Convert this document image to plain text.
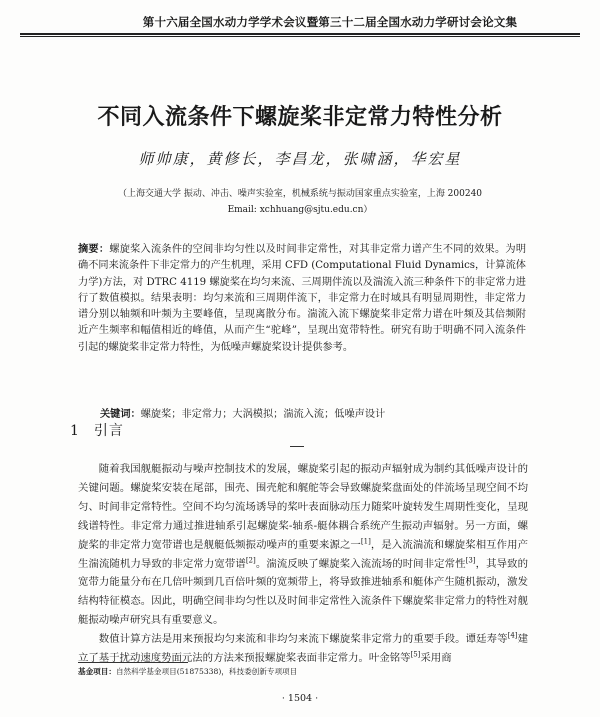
第十六届全国水动力学学术会议暨第三十二届全国水动力学研讨会论文集
不同入流条件下螺旋桨非定常力特性分析
师帅康，黄修长，李昌龙，张啸涵，华宏星
（上海交通大学 振动、冲击、噪声实验室，机械系统与振动国家重点实验室，上海 200240
Email: xchhuang@sjtu.edu.cn）
摘要：螺旋桨入流条件的空间非均匀性以及时间非定常性，对其非定常力谱产生不同的效果。为明确不同来流条件下非定常力的产生机理，采用 CFD (Computational Fluid Dynamics，计算流体力学)方法，对 DTRC 4119 螺旋桨在均匀来流、三周期伴流以及湍流入流三种条件下的非定常力进行了数值模拟。结果表明：均匀来流和三周期伴流下，非定常力在时域具有明显周期性，非定常力谱分别以轴频和叶频为主要峰值，呈现离散分布。湍流入流下螺旋桨非定常力谱在叶频及其倍频附近产生频率和幅值相近的峰值，从而产生“驼峰”，呈现出宽带特性。研究有助于明确不同入流条件引起的螺旋桨非定常力特性，为低噪声螺旋桨设计提供参考。
关键词：螺旋桨；非定常力；大涡模拟；湍流入流；低噪声设计
1 引言

随着我国舰艇振动与噪声控制技术的发展，螺旋桨引起的振动声辐射成为制约其低噪声设计的关键问题。螺旋桨安装在尾部，围壳、围壳舵和艉舵等会导致螺旋桨盘面处的伴流场呈现空间不均匀、时间非定常特性。空间不均匀流场诱导的桨叶表面脉动压力随桨叶旋转发生周期性变化，呈现线谱特性。非定常力通过推进轴系引起螺旋桨-轴系-艇体耦合系统产生振动声辐射。另一方面，螺旋桨的非定常力宽带谱也是舰艇低频振动噪声的重要来源之一[1]，是入流湍流和螺旋桨相互作用产生湍流随机力导致的非定常力宽带谱[2]。湍流反映了螺旋桨入流流场的时间非定常性[3]，其导致的宽带力能量分布在几倍叶频到几百倍叶频的宽频带上，将导致推进轴系和艇体产生随机振动，激发结构特征模态。因此，明确空间非均匀性以及时间非定常性入流条件下螺旋桨非定常力的特性对舰艇振动噪声研究具有重要意义。

数值计算方法是用来预报均匀来流和非均匀来流下螺旋桨非定常力的重要手段。谭廷寿等[4]建立了基于扰动速度势面元法的方法来预报螺旋桨表面非定常力。叶金铭等[5]采用商

基金项目：自然科学基金项目(51875338)，科技委创新专项项目
· 1504 ·
